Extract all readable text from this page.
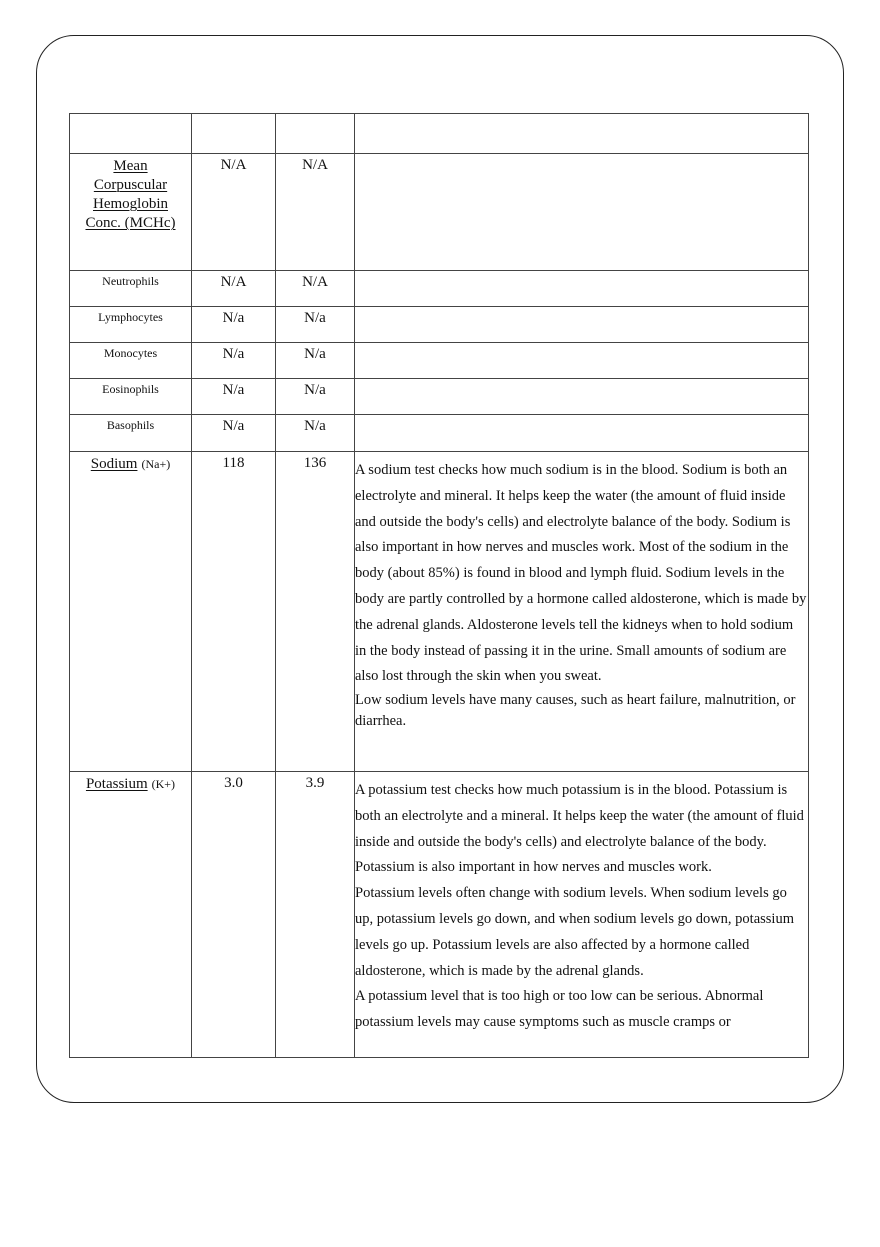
Mean Corpuscular Hemoglobin Conc. (MCHc)	N/A	N/A	
Neutrophils	N/A	N/A	
Lymphocytes	N/a	N/a	
Monocytes	N/a	N/a	
Eosinophils	N/a	N/a	
Basophils	N/a	N/a	
Sodium (Na+)	118	136	A sodium test checks how much sodium is in the blood. Sodium is both an electrolyte and mineral. It helps keep the water (the amount of fluid inside and outside the body's cells) and electrolyte balance of the body. Sodium is also important in how nerves and muscles work. Most of the sodium in the body (about 85%) is found in blood and lymph fluid. Sodium levels in the body are partly controlled by a hormone called aldosterone, which is made by the adrenal glands. Aldosterone levels tell the kidneys when to hold sodium in the body instead of passing it in the urine. Small amounts of sodium are also lost through the skin when you sweat.

Low sodium levels have many causes, such as heart failure, malnutrition, or diarrhea.

Potassium (K+)	3.0	3.9	A potassium test checks how much potassium is in the blood. Potassium is both an electrolyte and a mineral. It helps keep the water (the amount of fluid inside and outside the body's cells) and electrolyte balance of the body. Potassium is also important in how nerves and muscles work.

Potassium levels often change with sodium levels. When sodium levels go up, potassium levels go down, and when sodium levels go down, potassium levels go up. Potassium levels are also affected by a hormone called aldosterone, which is made by the adrenal glands.

A potassium level that is too high or too low can be serious. Abnormal potassium levels may cause symptoms such as muscle cramps or
